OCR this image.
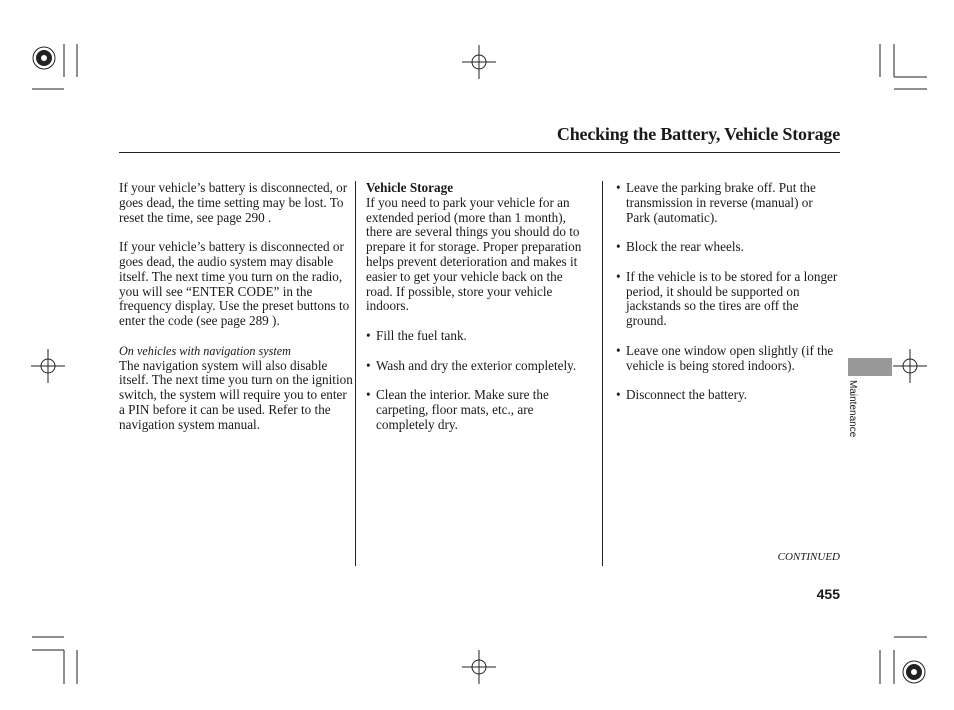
Checking the Battery, Vehicle Storage

If your vehicle’s battery is disconnected, or goes dead, the time setting may be lost. To reset the time, see page 290 .

If your vehicle’s battery is disconnected or goes dead, the audio system may disable itself. The next time you turn on the radio, you will see “ENTER CODE” in the frequency display. Use the preset buttons to enter the code (see page 289 ).

On vehicles with navigation system

The navigation system will also disable itself. The next time you turn on the ignition switch, the system will require you to enter a PIN before it can be used. Refer to the navigation system manual.

Vehicle Storage

If you need to park your vehicle for an extended period (more than 1 month), there are several things you should do to prepare it for storage. Proper preparation helps prevent deterioration and makes it easier to get your vehicle back on the road. If possible, store your vehicle indoors.

• Fill the fuel tank.
• Wash and dry the exterior completely.
• Clean the interior. Make sure the carpeting, floor mats, etc., are completely dry.
• Leave the parking brake off. Put the transmission in reverse (manual) or Park (automatic).
• Block the rear wheels.
• If the vehicle is to be stored for a longer period, it should be supported on jackstands so the tires are off the ground.
• Leave one window open slightly (if the vehicle is being stored indoors).
• Disconnect the battery.	Maintenance
CONTINUED
455
